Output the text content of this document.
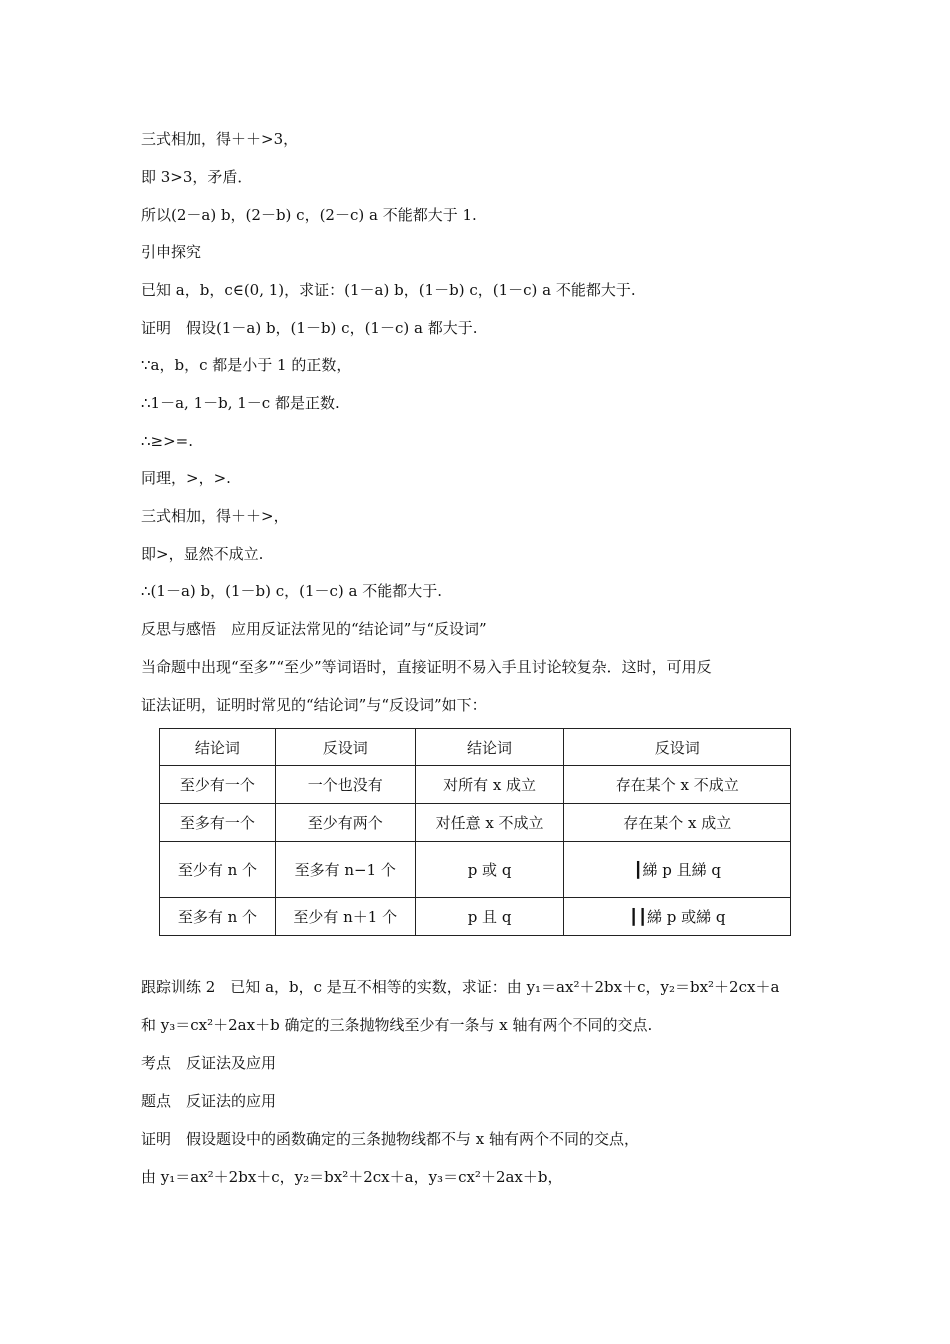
三式相加，得＋＋>3，
即 3>3，矛盾．
所以(2－a) b，(2－b) c，(2－c) a 不能都大于 1.
引申探究
已知 a，b，c∈(0, 1)，求证：(1－a) b，(1－b) c，(1－c) a 不能都大于.
证明　假设(1－a) b，(1－b) c，(1－c) a 都大于.
∵a，b，c 都是小于 1 的正数，
∴1－a, 1－b, 1－c 都是正数.
∴≥>=.
同理，>，>.
三式相加，得＋＋>，
即>，显然不成立.
∴(1－a) b，(1－b) c，(1－c) a 不能都大于.
反思与感悟　应用反证法常见的“结论词”与“反设词”
当命题中出现“至多”“至少”等词语时，直接证明不易入手且讨论较复杂．这时，可用反
证法证明，证明时常见的“结论词”与“反设词”如下：
结论词	反设词	结论词	反设词
至少有一个	一个也没有	对所有 x 成立	存在某个 x 不成立
至多有一个	至少有两个	对任意 x 不成立	存在某个 x 成立
至少有 n 个	至多有 n−1 个	p 或 q	┃綈 p 且綈 q
至多有 n 个	至少有 n＋1 个	p 且 q	┃┃綈 p 或綈 q
跟踪训练 2　已知 a，b，c 是互不相等的实数，求证：由 y₁＝ax²＋2bx＋c，y₂＝bx²＋2cx＋a
和 y₃＝cx²＋2ax＋b 确定的三条抛物线至少有一条与 x 轴有两个不同的交点.
考点　反证法及应用
题点　反证法的应用
证明　假设题设中的函数确定的三条抛物线都不与 x 轴有两个不同的交点，
由 y₁＝ax²＋2bx＋c，y₂＝bx²＋2cx＋a，y₃＝cx²＋2ax＋b，
